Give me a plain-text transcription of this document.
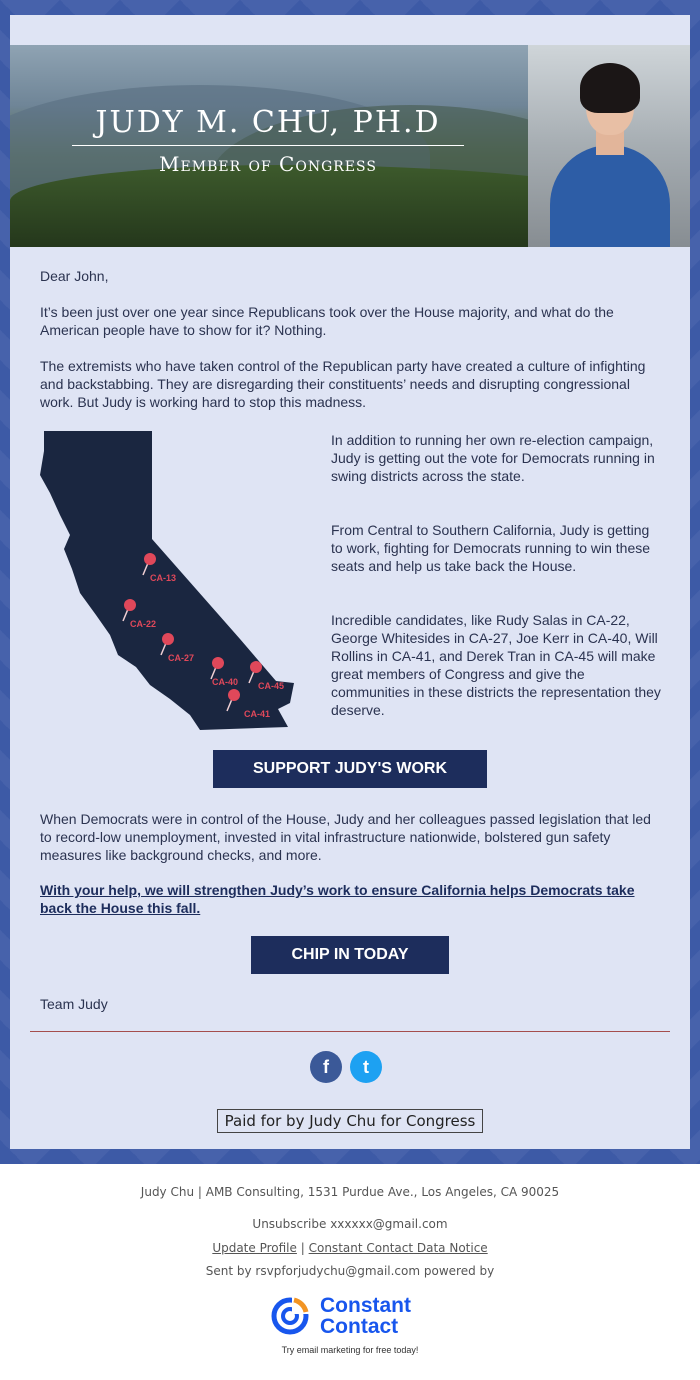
JUDY M. CHU, PH.D
Member of Congress
Dear John,
It’s been just over one year since Republicans took over the House majority, and what do the American people have to show for it? Nothing.
The extremists who have taken control of the Republican party have created a culture of infighting and backstabbing. They are disregarding their constituents’ needs and disrupting congressional work. But Judy is working hard to stop this madness.
CA-13
CA-22
CA-27
CA-40 CA-45
CA-41
In addition to running her own re-election campaign, Judy is getting out the vote for Democrats running in swing districts across the state.
From Central to Southern California, Judy is getting to work, fighting for Democrats running to win these seats and help us take back the House.
Incredible candidates, like Rudy Salas in CA-22, George Whitesides in CA-27, Joe Kerr in CA-40, Will Rollins in CA-41, and Derek Tran in CA-45 will make great members of Congress and give the communities in these districts the representation they deserve.
SUPPORT JUDY'S WORK
When Democrats were in control of the House, Judy and her colleagues passed legislation that led to record-low unemployment, invested in vital infrastructure nationwide, bolstered gun safety measures like background checks, and more.
With your help, we will strengthen Judy’s work to ensure California helps Democrats take back the House this fall.
CHIP IN TODAY
Team Judy
f	t
Paid for by Judy Chu for Congress
Judy Chu | AMB Consulting, 1531 Purdue Ave., Los Angeles, CA 90025
Unsubscribe xxxxxx@gmail.com
Update Profile | Constant Contact Data Notice
Sent by rsvpforjudychu@gmail.com powered by
Constant
Contact
Try email marketing for free today!
